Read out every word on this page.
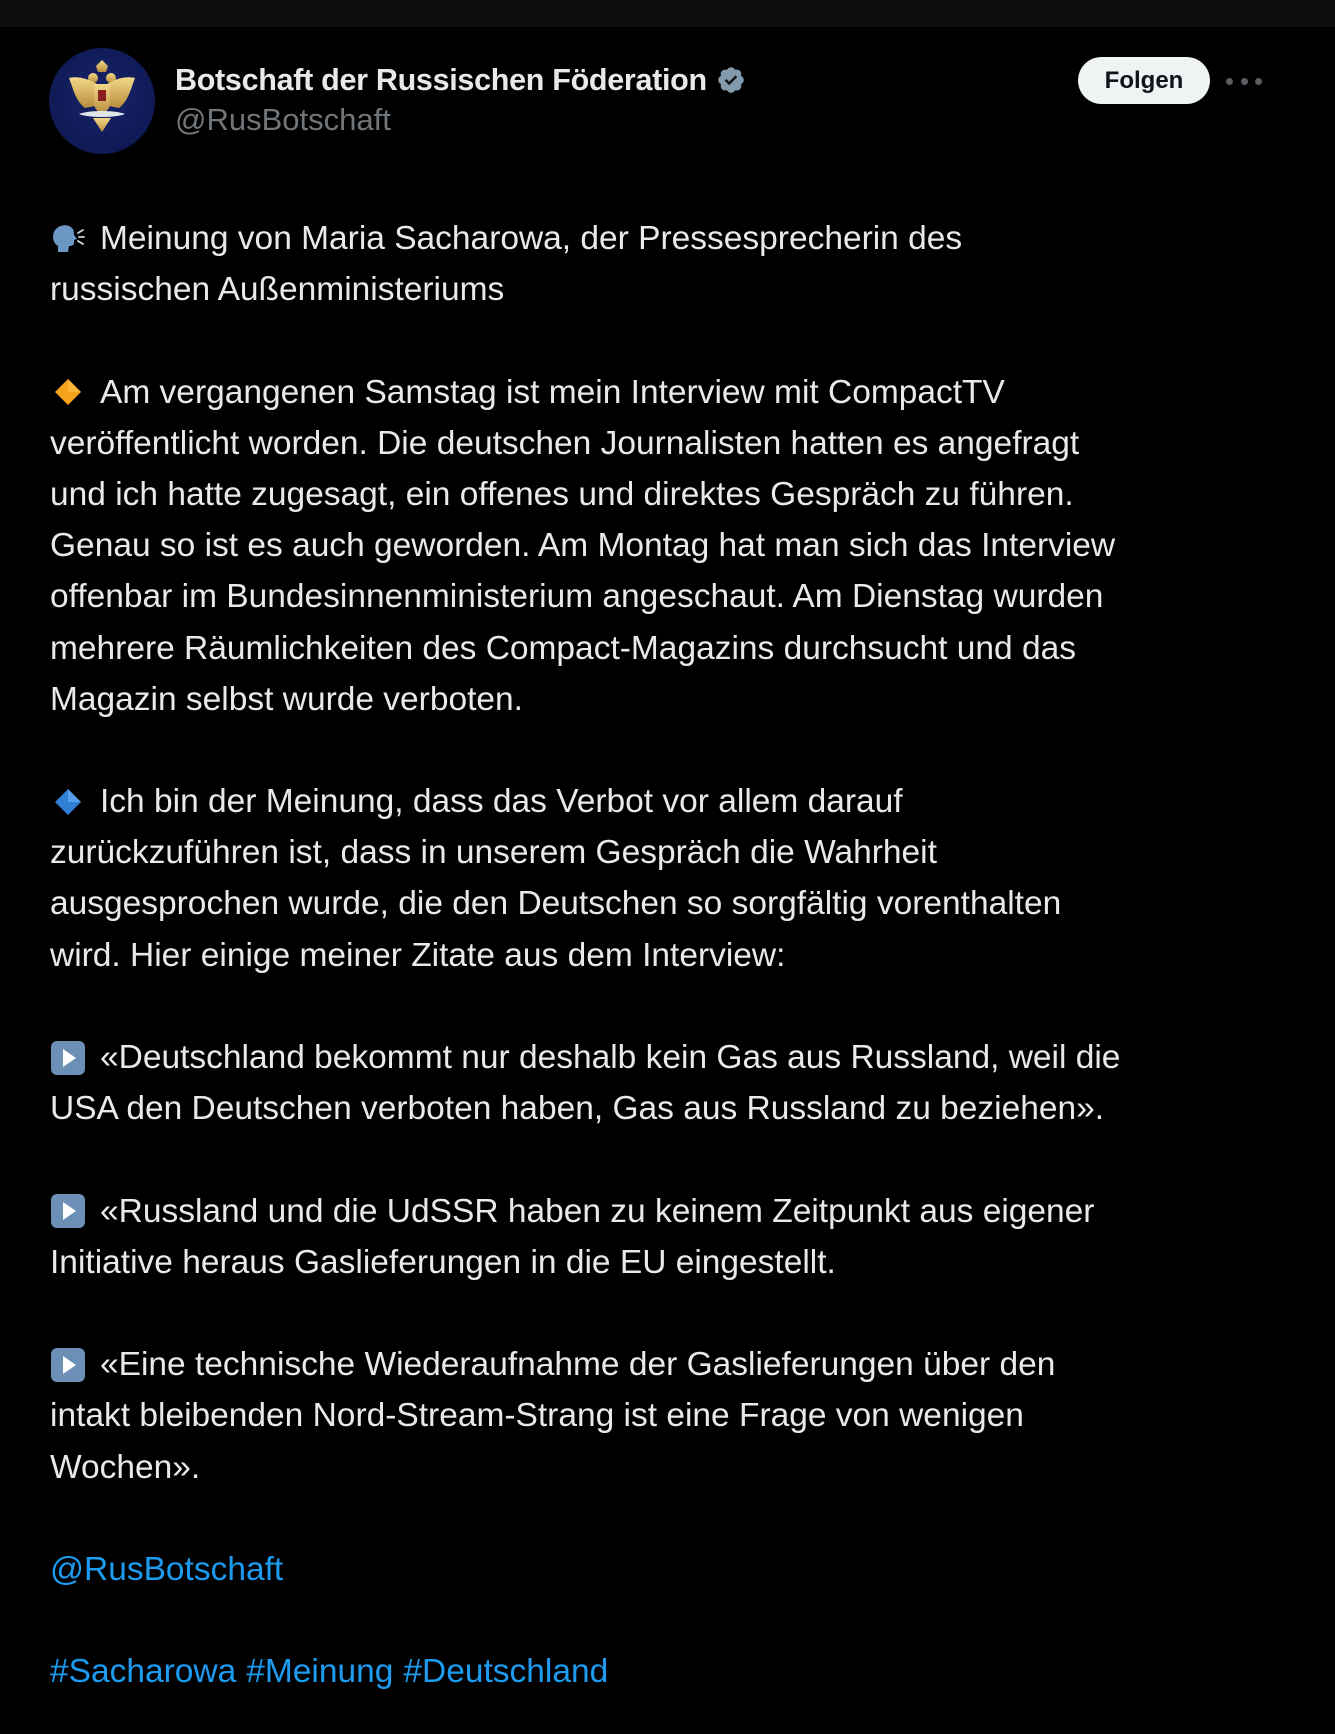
Botschaft der Russischen Föderation
@RusBotschaft
Folgen
Meinung von Maria Sacharowa, der Pressesprecherin des
russischen Außenministeriums
Am vergangenen Samstag ist mein Interview mit CompactTV
veröffentlicht worden. Die deutschen Journalisten hatten es angefragt
und ich hatte zugesagt, ein offenes und direktes Gespräch zu führen.
Genau so ist es auch geworden. Am Montag hat man sich das Interview
offenbar im Bundesinnenministerium angeschaut. Am Dienstag wurden
mehrere Räumlichkeiten des Compact-Magazins durchsucht und das
Magazin selbst wurde verboten.
Ich bin der Meinung, dass das Verbot vor allem darauf
zurückzuführen ist, dass in unserem Gespräch die Wahrheit
ausgesprochen wurde, die den Deutschen so sorgfältig vorenthalten
wird. Hier einige meiner Zitate aus dem Interview:
«Deutschland bekommt nur deshalb kein Gas aus Russland, weil die
USA den Deutschen verboten haben, Gas aus Russland zu beziehen».
«Russland und die UdSSR haben zu keinem Zeitpunkt aus eigener
Initiative heraus Gaslieferungen in die EU eingestellt.
«Eine technische Wiederaufnahme der Gaslieferungen über den
intakt bleibenden Nord-Stream-Strang ist eine Frage von wenigen
Wochen».
@RusBotschaft
#Sacharowa #Meinung #Deutschland
